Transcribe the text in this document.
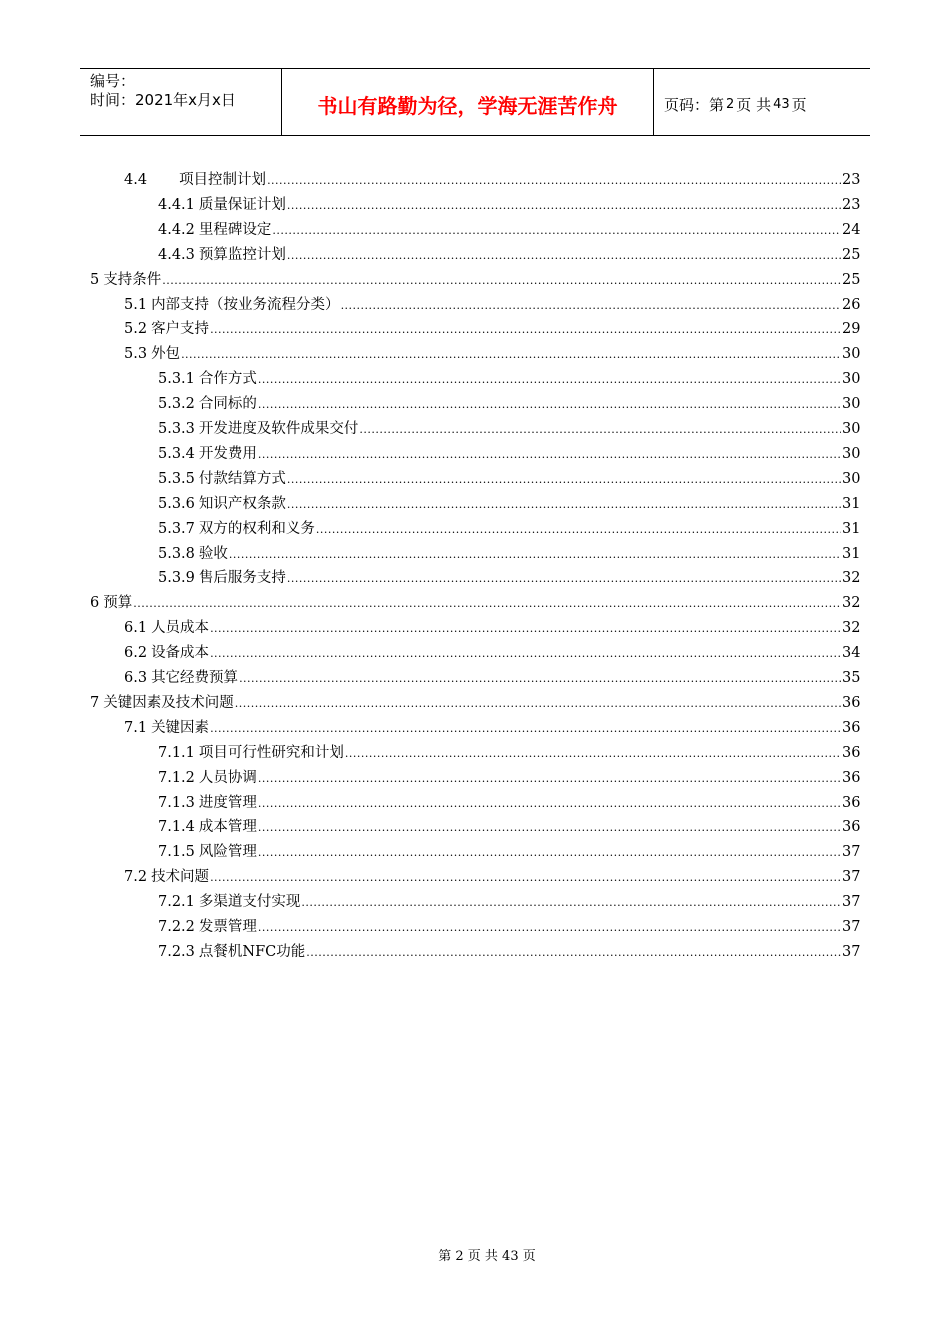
编号：
时间：2021年x月x日	书山有路勤为径，学海无涯苦作舟	页码：第 2 页 共 43 页
4.4 项目控制计划 .....	23
4.4.1 质量保证计划 .....	23
4.4.2 里程碑设定 .....	24
4.4.3 预算监控计划 .....	25
5 支持条件 .....	25
5.1 内部支持（按业务流程分类） .....	26
5.2 客户支持 .....	29
5.3 外包 .....	30
5.3.1 合作方式 .....	30
5.3.2 合同标的 .....	30
5.3.3 开发进度及软件成果交付 .....	30
5.3.4 开发费用 .....	30
5.3.5 付款结算方式 .....	30
5.3.6 知识产权条款 .....	31
5.3.7 双方的权利和义务 .....	31
5.3.8 验收 .....	31
5.3.9 售后服务支持 .....	32
6 预算 .....	32
6.1 人员成本 .....	32
6.2 设备成本 .....	34
6.3 其它经费预算 .....	35
7 关键因素及技术问题 .....	36
7.1 关键因素 .....	36
7.1.1 项目可行性研究和计划 .....	36
7.1.2 人员协调 .....	36
7.1.3 进度管理 .....	36
7.1.4 成本管理 .....	36
7.1.5 风险管理 .....	37
7.2 技术问题 .....	37
7.2.1 多渠道支付实现 .....	37
7.2.2 发票管理 .....	37
7.2.3 点餐机NFC功能 .....	37
第 2 页 共 43 页
